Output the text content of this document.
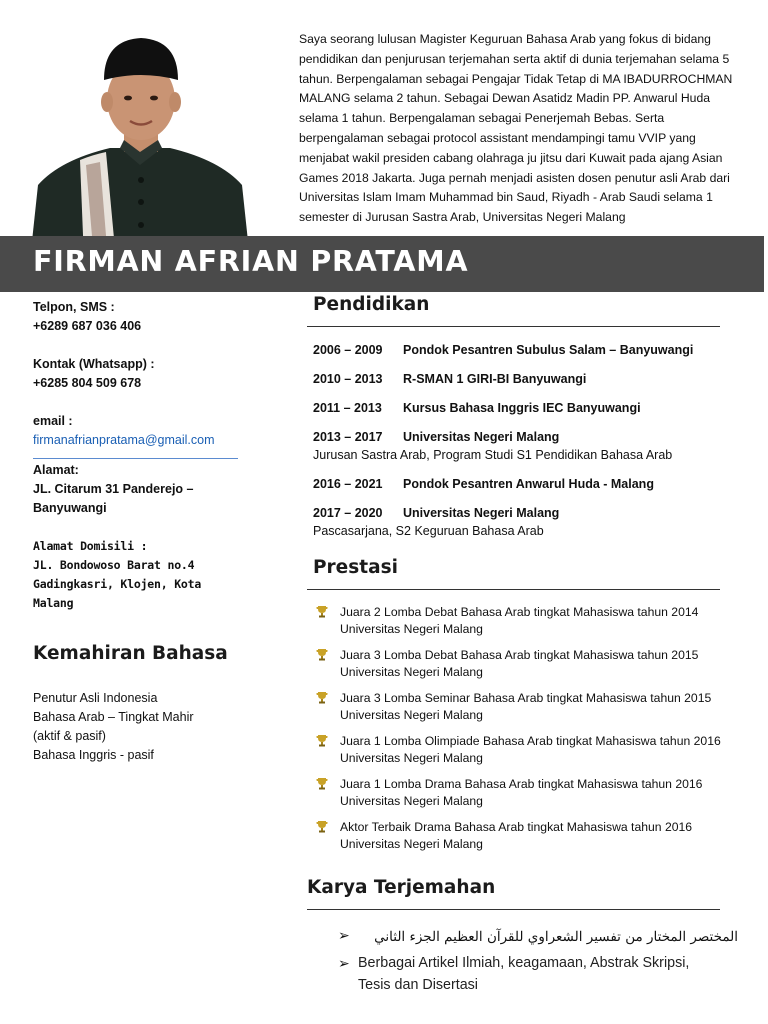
Saya seorang lulusan Magister Keguruan Bahasa Arab yang fokus di bidang pendidikan dan penjurusan terjemahan serta aktif di dunia terjemahan selama 5 tahun. Berpengalaman sebagai Pengajar Tidak Tetap di MA IBADURROCHMAN MALANG selama 2 tahun. Sebagai Dewan Asatidz Madin PP. Anwarul Huda selama 1 tahun. Berpengalaman sebagai Penerjemah Bebas. Serta berpengalaman sebagai protocol assistant mendampingi tamu VVIP yang menjabat wakil presiden cabang olahraga ju jitsu dari Kuwait pada ajang Asian Games 2018 Jakarta. Juga pernah menjadi asisten dosen penutur asli Arab dari Universitas Islam Imam Muhammad bin Saud, Riyadh - Arab Saudi selama 1 semester di Jurusan Sastra Arab, Universitas Negeri Malang
FIRMAN AFRIAN PRATAMA
Telpon, SMS :
+6289 687 036 406
Kontak (Whatsapp) :
+6285 804 509 678
email :
firmanafrianpratama@gmail.com
Alamat:
JL. Citarum 31 Panderejo –
Banyuwangi
Alamat Domisili :
JL. Bondowoso Barat no.4
Gadingkasri, Klojen, Kota
Malang
Kemahiran Bahasa
Penutur Asli Indonesia
Bahasa Arab – Tingkat Mahir
(aktif & pasif)
Bahasa Inggris - pasif
Pendidikan
2006 – 2009	Pondok Pesantren Subulus Salam – Banyuwangi
2010 – 2013	R-SMAN 1 GIRI-BI Banyuwangi
2011 – 2013	Kursus Bahasa Inggris IEC Banyuwangi
2013 – 2017	Universitas Negeri Malang
Jurusan Sastra Arab, Program Studi S1 Pendidikan Bahasa Arab
2016 – 2021	Pondok Pesantren Anwarul Huda - Malang
2017 – 2020	Universitas Negeri Malang
Pascasarjana, S2 Keguruan Bahasa Arab
Prestasi
Juara 2 Lomba Debat Bahasa Arab tingkat Mahasiswa tahun 2014
Universitas Negeri Malang
Juara 3 Lomba Debat Bahasa Arab tingkat Mahasiswa tahun 2015
Universitas Negeri Malang
Juara 3 Lomba Seminar Bahasa Arab tingkat Mahasiswa tahun 2015
Universitas Negeri Malang
Juara 1 Lomba Olimpiade Bahasa Arab tingkat Mahasiswa tahun 2016
Universitas Negeri Malang
Juara 1 Lomba Drama Bahasa Arab tingkat Mahasiswa tahun 2016
Universitas Negeri Malang
Aktor Terbaik Drama Bahasa Arab tingkat Mahasiswa tahun 2016
Universitas Negeri Malang
Karya Terjemahan
➢	المختصر المختار من تفسير الشعراوي للقرآن العظيم الجزء الثاني
➢ Berbagai Artikel Ilmiah, keagamaan, Abstrak Skripsi,
Tesis dan Disertasi
